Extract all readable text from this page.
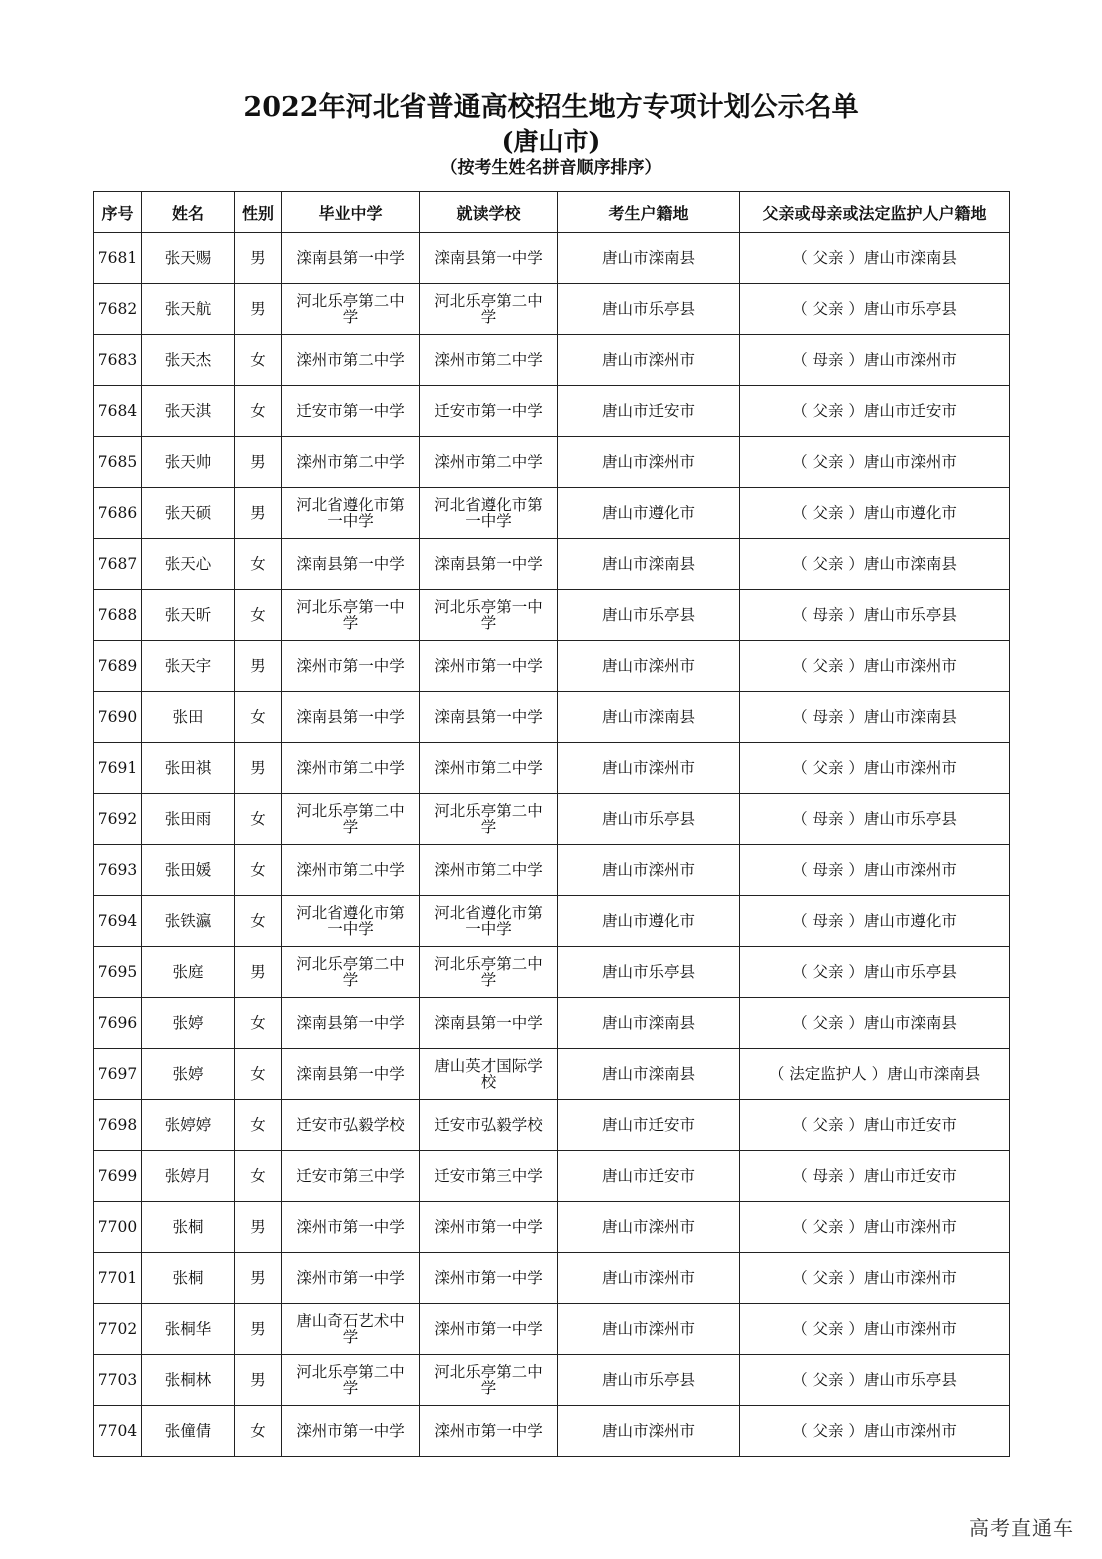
2022年河北省普通高校招生地方专项计划公示名单
(唐山市)
（按考生姓名拼音顺序排序）
序号	姓名	性别	毕业中学	就读学校	考生户籍地	父亲或母亲或法定监护人户籍地
7681	张天赐	男	滦南县第一中学	滦南县第一中学	唐山市滦南县	（ 父亲 ）唐山市滦南县
7682	张天航	男	河北乐亭第二中学	河北乐亭第二中学	唐山市乐亭县	（ 父亲 ）唐山市乐亭县
7683	张天杰	女	滦州市第二中学	滦州市第二中学	唐山市滦州市	（ 母亲 ）唐山市滦州市
7684	张天淇	女	迁安市第一中学	迁安市第一中学	唐山市迁安市	（ 父亲 ）唐山市迁安市
7685	张天帅	男	滦州市第二中学	滦州市第二中学	唐山市滦州市	（ 父亲 ）唐山市滦州市
7686	张天硕	男	河北省遵化市第一中学	河北省遵化市第一中学	唐山市遵化市	（ 父亲 ）唐山市遵化市
7687	张天心	女	滦南县第一中学	滦南县第一中学	唐山市滦南县	（ 父亲 ）唐山市滦南县
7688	张天昕	女	河北乐亭第一中学	河北乐亭第一中学	唐山市乐亭县	（ 母亲 ）唐山市乐亭县
7689	张天宇	男	滦州市第一中学	滦州市第一中学	唐山市滦州市	（ 父亲 ）唐山市滦州市
7690	张田	女	滦南县第一中学	滦南县第一中学	唐山市滦南县	（ 母亲 ）唐山市滦南县
7691	张田祺	男	滦州市第二中学	滦州市第二中学	唐山市滦州市	（ 父亲 ）唐山市滦州市
7692	张田雨	女	河北乐亭第二中学	河北乐亭第二中学	唐山市乐亭县	（ 母亲 ）唐山市乐亭县
7693	张田媛	女	滦州市第二中学	滦州市第二中学	唐山市滦州市	（ 母亲 ）唐山市滦州市
7694	张铁瀛	女	河北省遵化市第一中学	河北省遵化市第一中学	唐山市遵化市	（ 母亲 ）唐山市遵化市
7695	张庭	男	河北乐亭第二中学	河北乐亭第二中学	唐山市乐亭县	（ 父亲 ）唐山市乐亭县
7696	张婷	女	滦南县第一中学	滦南县第一中学	唐山市滦南县	（ 父亲 ）唐山市滦南县
7697	张婷	女	滦南县第一中学	唐山英才国际学校	唐山市滦南县	（ 法定监护人 ）唐山市滦南县
7698	张婷婷	女	迁安市弘毅学校	迁安市弘毅学校	唐山市迁安市	（ 父亲 ）唐山市迁安市
7699	张婷月	女	迁安市第三中学	迁安市第三中学	唐山市迁安市	（ 母亲 ）唐山市迁安市
7700	张桐	男	滦州市第一中学	滦州市第一中学	唐山市滦州市	（ 父亲 ）唐山市滦州市
7701	张桐	男	滦州市第一中学	滦州市第一中学	唐山市滦州市	（ 父亲 ）唐山市滦州市
7702	张桐华	男	唐山奇石艺术中学	滦州市第一中学	唐山市滦州市	（ 父亲 ）唐山市滦州市
7703	张桐林	男	河北乐亭第二中学	河北乐亭第二中学	唐山市乐亭县	（ 父亲 ）唐山市乐亭县
7704	张僮倩	女	滦州市第一中学	滦州市第一中学	唐山市滦州市	（ 父亲 ）唐山市滦州市
高考直通车
